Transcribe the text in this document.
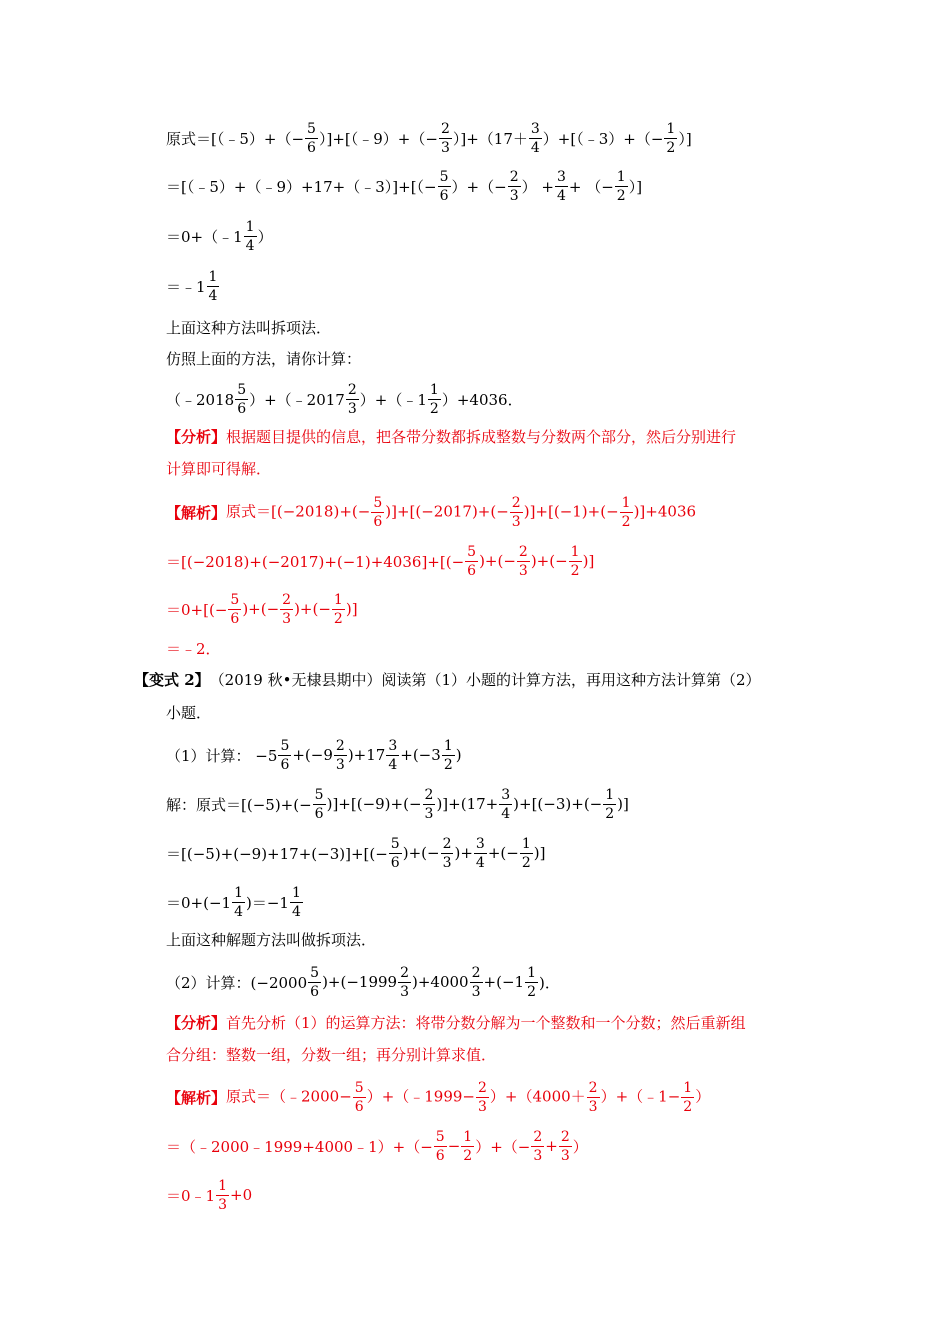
原式＝[（﹣5）+（− $\frac{5}{6}$ ）]+[（﹣9）+（− $\frac{2}{3} )]+(17+ \frac{3}{4}$ ）+[（﹣3）+（− $\frac{1}{2}$ ）]
＝[（﹣5）+（﹣9）+17+（﹣3）]+[（− $\frac{5}{6}$ ）+（− $\frac{2}{3}$ ） + $\frac{3}{4}$ + （− $\frac{1}{2}$ ）]
＝0+（﹣1 $\frac{1}{4}$ ）
＝﹣1 $\frac{1}{4}$
上面这种方法叫拆项法．
仿照上面的方法，请你计算：
（﹣2018 $\frac{5}{6}$ ）+（﹣2017 $\frac{2}{3}$ ）+（﹣1 $\frac{1}{2} )+4036$．
【分析】 根据题目提供的信息，把各带分数都拆成整数与分数两个部分，然后分别进行
计算即可得解．
【解析】 原式$=[(-2018)+(- \frac{5}{6} )]+[(-2017)+(- \frac{2}{3} )]+[(-1)+(- \frac{1}{2} )]+4036$
$=[(-2018)+(-2017)+(-1)+4036]+[(- \frac{5}{6}$ )+(− $\frac{2}{3}$ )+(− $\frac{1}{2}$ )]
$=0+[(- \frac{5}{6}$ )+(− $\frac{2}{3}$ )+(− $\frac{1}{2}$ )]
＝﹣2．
【变式 2】 （2019 秋•无棣县期中）阅读第（1）小题的计算方法，再用这种方法计算第（2）
小题．
（1）计算： $-5 \frac{5}{6} +(-9 \frac{2}{3} )+17 \frac{3}{4} +(-3 \frac{1}{2}$ )
解：原式$=[(-5)+(- \frac{5}{6} )]+[(-9)+(- \frac{2}{3} )]+(17+ \frac{3}{4} )+[(-3)+(- \frac{1}{2}$ )]
$=[(-5)+(-9)+17+(-3)]+[(- \frac{5}{6}$ )+(− $\frac{2}{3}$ )+ $\frac{3}{4}$ +(− $\frac{1}{2}$ )]
$=0+(-1 \frac{1}{4} )=-1 \frac{1}{4}$
上面这种解题方法叫做拆项法．
（2）计算：$(-2000 \frac{5}{6} )+(-1999 \frac{2}{3} )+4000 \frac{2}{3} +(-1 \frac{1}{2}$ )．
【分析】 首先分析（1）的运算方法：将带分数分解为一个整数和一个分数；然后重新组
合分组：整数一组，分数一组；再分别计算求值．
【解析】 原式＝（﹣2000− $\frac{5}{6}$ ）+（﹣1999− $\frac{2}{3} )+(4000+ \frac{2}{3}$ ）+（﹣1− $\frac{1}{2}$ ）
＝（﹣2000﹣1999+4000﹣1）+（− $\frac{5}{6} - \frac{1}{2}$ ）+（− $\frac{2}{3} + \frac{2}{3}$ ）
＝0﹣1 $\frac{1}{3} +0$
